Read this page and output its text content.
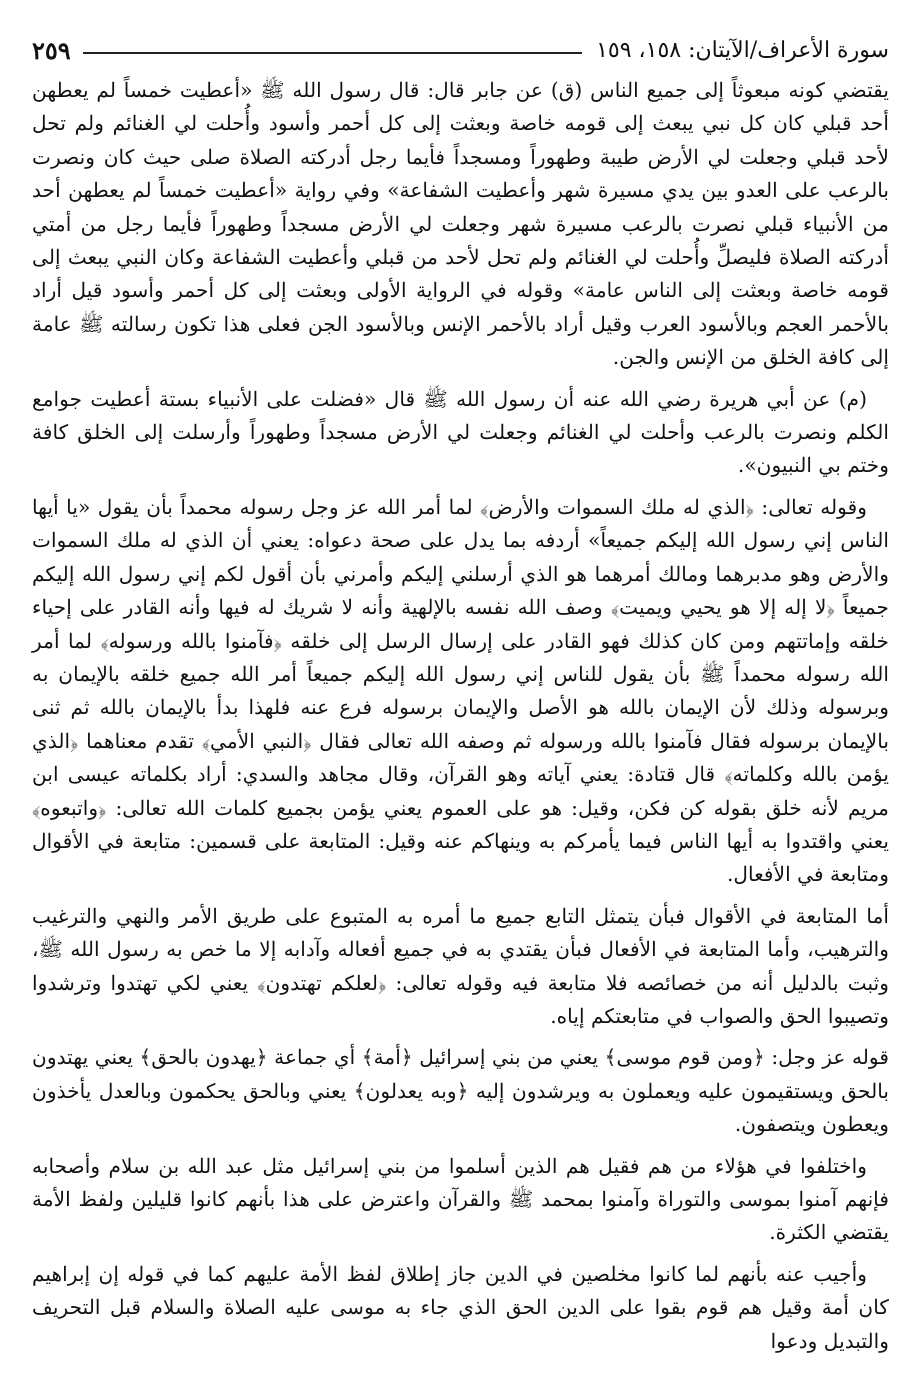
سورة الأعراف/الآيتان: ١٥٨، ١٥٩
٢٥٩

يقتضي كونه مبعوثاً إلى جميع الناس (ق) عن جابر قال: قال رسول الله ﷺ «أعطيت خمساً لم يعطهن أحد قبلي كان كل نبي يبعث إلى قومه خاصة وبعثت إلى كل أحمر وأسود وأُحلت لي الغنائم ولم تحل لأحد قبلي وجعلت لي الأرض طيبة وطهوراً ومسجداً فأيما رجل أدركته الصلاة صلى حيث كان ونصرت بالرعب على العدو بين يدي مسيرة شهر وأعطيت الشفاعة» وفي رواية «أعطيت خمساً لم يعطهن أحد من الأنبياء قبلي نصرت بالرعب مسيرة شهر وجعلت لي الأرض مسجداً وطهوراً فأيما رجل من أمتي أدركته الصلاة فليصلِّ وأُحلت لي الغنائم ولم تحل لأحد من قبلي وأعطيت الشفاعة وكان النبي يبعث إلى قومه خاصة وبعثت إلى الناس عامة» وقوله في الرواية الأولى وبعثت إلى كل أحمر وأسود قيل أراد بالأحمر العجم وبالأسود العرب وقيل أراد بالأحمر الإنس وبالأسود الجن فعلى هذا تكون رسالته ﷺ عامة إلى كافة الخلق من الإنس والجن.

(م) عن أبي هريرة رضي الله عنه أن رسول الله ﷺ قال «فضلت على الأنبياء بستة أعطيت جوامع الكلم ونصرت بالرعب وأحلت لي الغنائم وجعلت لي الأرض مسجداً وطهوراً وأرسلت إلى الخلق كافة وختم بي النبيون».

وقوله تعالى: ﴿الذي له ملك السموات والأرض﴾ لما أمر الله عز وجل رسوله محمداً بأن يقول «يا أيها الناس إني رسول الله إليكم جميعاً» أردفه بما يدل على صحة دعواه: يعني أن الذي له ملك السموات والأرض وهو مدبرهما ومالك أمرهما هو الذي أرسلني إليكم وأمرني بأن أقول لكم إني رسول الله إليكم جميعاً ﴿لا إله إلا هو يحيي ويميت﴾ وصف الله نفسه بالإلهية وأنه لا شريك له فيها وأنه القادر على إحياء خلقه وإماتتهم ومن كان كذلك فهو القادر على إرسال الرسل إلى خلقه ﴿فآمنوا بالله ورسوله﴾ لما أمر الله رسوله محمداً ﷺ بأن يقول للناس إني رسول الله إليكم جميعاً أمر الله جميع خلقه بالإيمان به وبرسوله وذلك لأن الإيمان بالله هو الأصل والإيمان برسوله فرع عنه فلهذا بدأ بالإيمان بالله ثم ثنى بالإيمان برسوله فقال فآمنوا بالله ورسوله ثم وصفه الله تعالى فقال ﴿النبي الأمي﴾ تقدم معناهما ﴿الذي يؤمن بالله وكلماته﴾ قال قتادة: يعني آياته وهو القرآن، وقال مجاهد والسدي: أراد بكلماته عيسى ابن مريم لأنه خلق بقوله كن فكن، وقيل: هو على العموم يعني يؤمن بجميع كلمات الله تعالى: ﴿واتبعوه﴾ يعني واقتدوا به أيها الناس فيما يأمركم به وينهاكم عنه وقيل: المتابعة على قسمين: متابعة في الأقوال ومتابعة في الأفعال.

أما المتابعة في الأقوال فبأن يتمثل التابع جميع ما أمره به المتبوع على طريق الأمر والنهي والترغيب والترهيب، وأما المتابعة في الأفعال فبأن يقتدي به في جميع أفعاله وآدابه إلا ما خص به رسول الله ﷺ، وثبت بالدليل أنه من خصائصه فلا متابعة فيه وقوله تعالى: ﴿لعلكم تهتدون﴾ يعني لكي تهتدوا وترشدوا وتصيبوا الحق والصواب في متابعتكم إياه.

قوله عز وجل: ﴿ومن قوم موسى﴾ يعني من بني إسرائيل ﴿أمة﴾ أي جماعة ﴿يهدون بالحق﴾ يعني يهتدون بالحق ويستقيمون عليه ويعملون به ويرشدون إليه ﴿وبه يعدلون﴾ يعني وبالحق يحكمون وبالعدل يأخذون ويعطون ويتصفون.

واختلفوا في هؤلاء من هم فقيل هم الذين أسلموا من بني إسرائيل مثل عبد الله بن سلام وأصحابه فإنهم آمنوا بموسى والتوراة وآمنوا بمحمد ﷺ والقرآن واعترض على هذا بأنهم كانوا قليلين ولفظ الأمة يقتضي الكثرة.

وأجيب عنه بأنهم لما كانوا مخلصين في الدين جاز إطلاق لفظ الأمة عليهم كما في قوله إن إبراهيم كان أمة وقيل هم قوم بقوا على الدين الحق الذي جاء به موسى عليه الصلاة والسلام قبل التحريف والتبديل ودعوا
